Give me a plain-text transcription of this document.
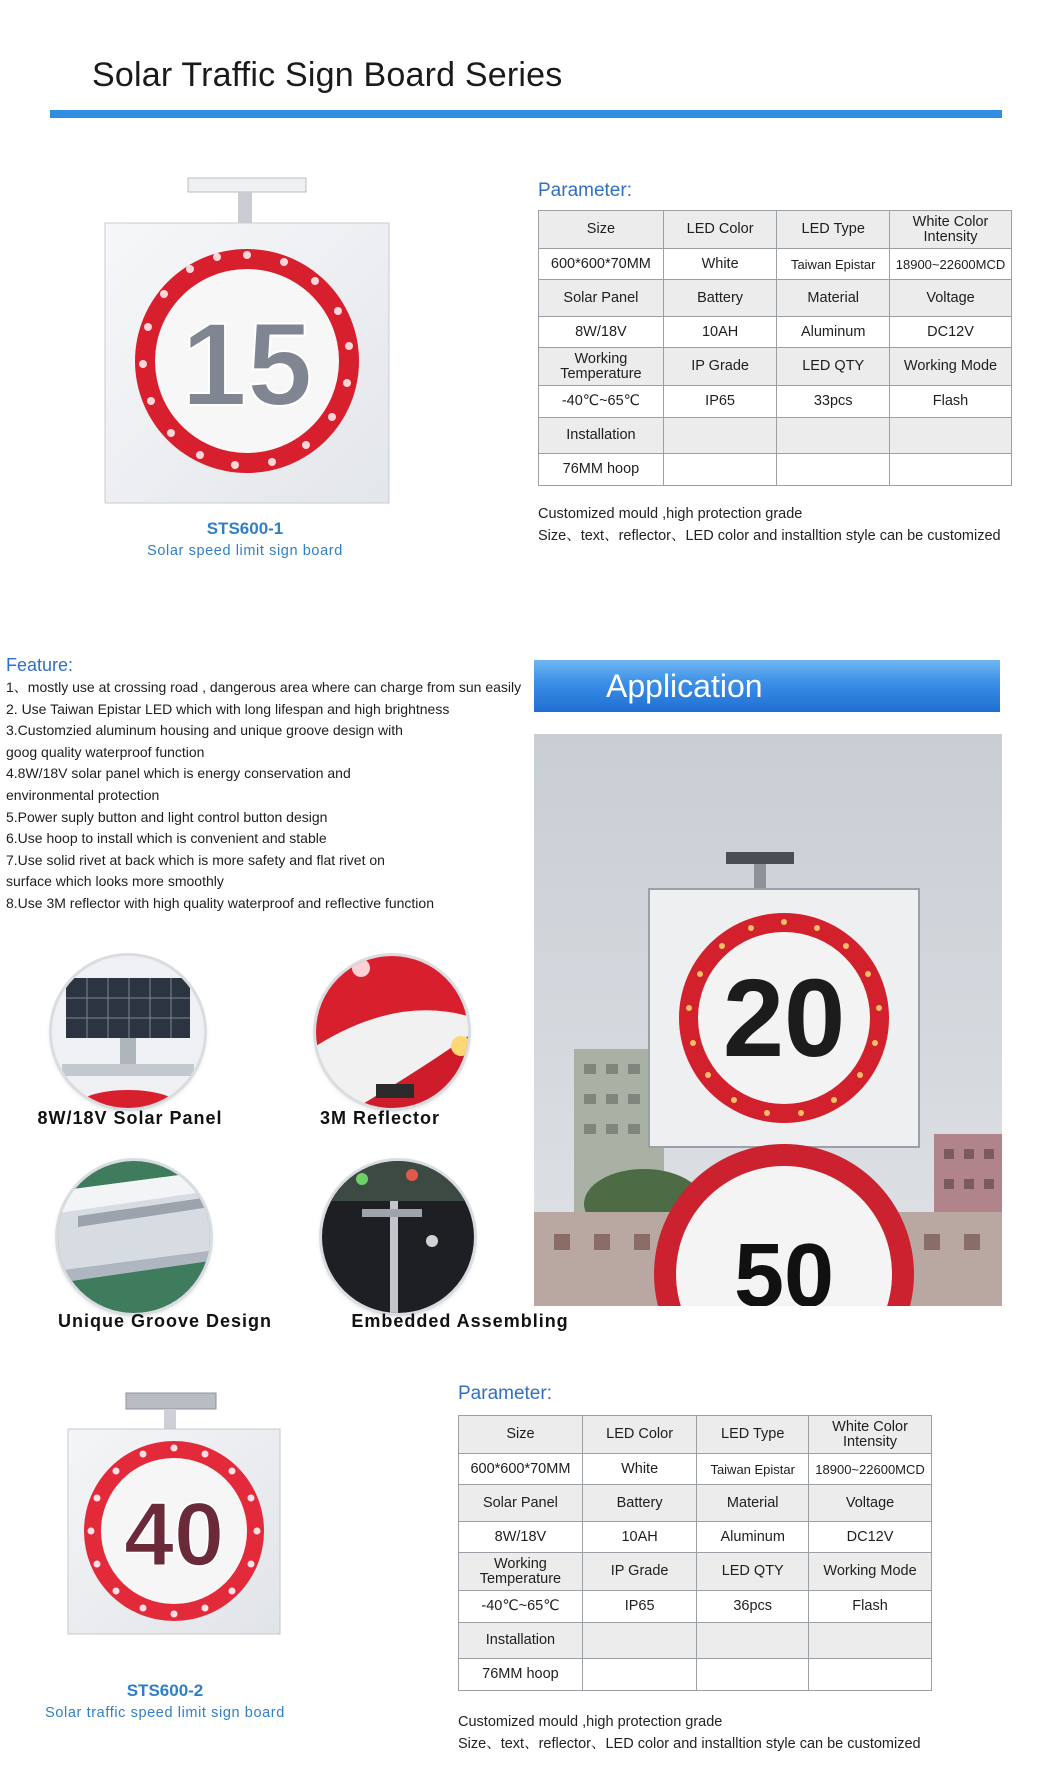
Solar Traffic Sign Board Series
15
STS600-1
Solar speed limit sign board
Parameter:
Size	LED Color	LED Type	White Color Intensity
600*600*70MM	White	Taiwan Epistar	18900~22600MCD
Solar Panel	Battery	Material	Voltage
8W/18V	10AH	Aluminum	DC12V
Working Temperature	IP Grade	LED QTY	Working Mode
-40℃~65℃	IP65	33pcs	Flash
Installation			
76MM hoop			
Customized mould ,high protection grade
Size、text、reflector、LED color and installtion style can be customized
Feature:
1、mostly use at crossing road , dangerous area where can charge from sun easily
2. Use Taiwan Epistar LED which with long lifespan and high brightness
3.Customzied aluminum housing and unique groove design with
goog quality waterproof function
4.8W/18V solar panel which is energy conservation and
environmental protection
5.Power suply button and light control button design
6.Use hoop to install which is convenient and stable
7.Use solid rivet at back which is more safety and flat rivet on
surface which looks more smoothly
8.Use 3M reflector with high quality waterproof and reflective function
Application
20
50
8W/18V Solar Panel	3M Reflector
Unique Groove Design	Embedded Assembling
40
STS600-2
Solar traffic speed limit sign board
Parameter:
Size	LED Color	LED Type	White Color Intensity
600*600*70MM	White	Taiwan Epistar	18900~22600MCD
Solar Panel	Battery	Material	Voltage
8W/18V	10AH	Aluminum	DC12V
Working Temperature	IP Grade	LED QTY	Working Mode
-40℃~65℃	IP65	36pcs	Flash
Installation			
76MM hoop			
Customized mould ,high protection grade
Size、text、reflector、LED color and installtion style can be customized
